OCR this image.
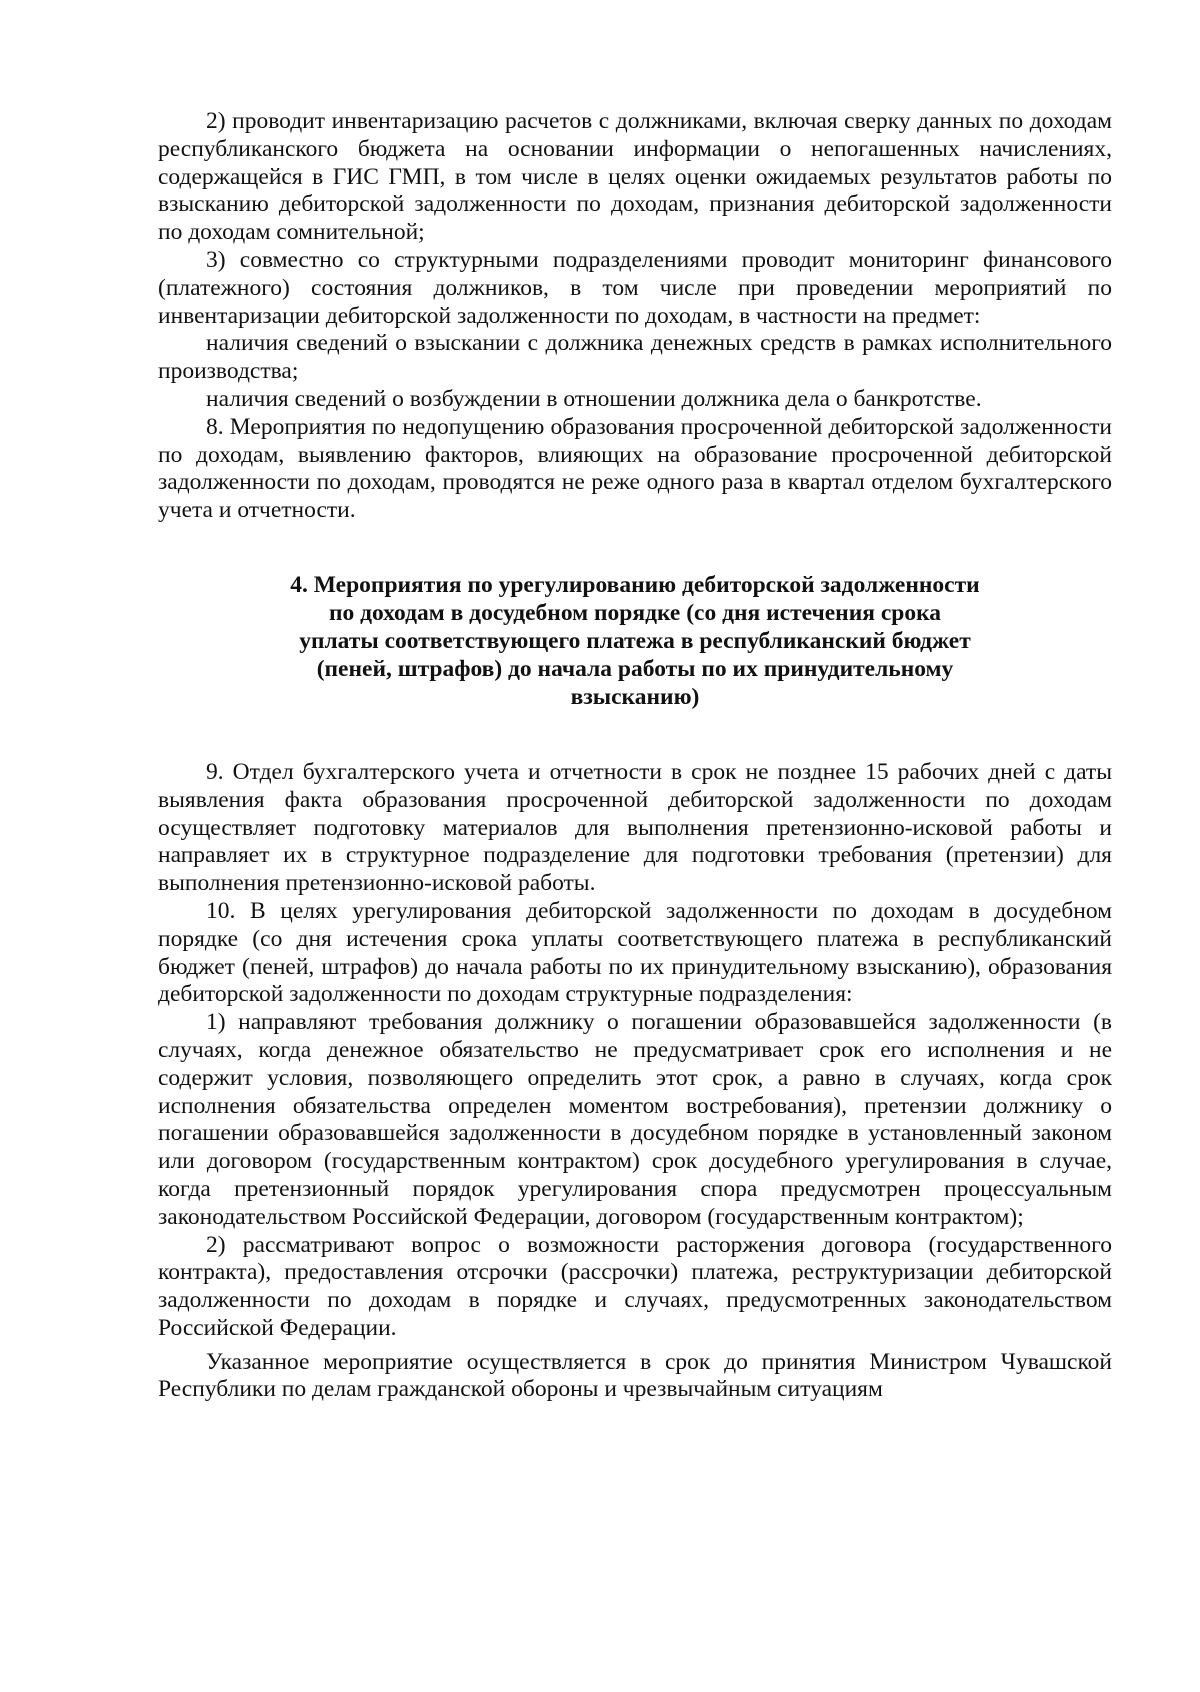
2) проводит инвентаризацию расчетов с должниками, включая сверку данных по доходам республиканского бюджета на основании информации о непогашенных начислениях, содержащейся в ГИС ГМП, в том числе в целях оценки ожидаемых результатов работы по взысканию дебиторской задолженности по доходам, признания дебиторской задолженности по доходам сомнительной;

3) совместно со структурными подразделениями проводит мониторинг финансового (платежного) состояния должников, в том числе при проведении мероприятий по инвентаризации дебиторской задолженности по доходам, в частности на предмет:

наличия сведений о взыскании с должника денежных средств в рамках исполнительного производства;

наличия сведений о возбуждении в отношении должника дела о банкротстве.

8. Мероприятия по недопущению образования просроченной дебиторской задолженности по доходам, выявлению факторов, влияющих на образование просроченной дебиторской задолженности по доходам, проводятся не реже одного раза в квартал отделом бухгалтерского учета и отчетности.

4. Мероприятия по урегулированию дебиторской задолженности
по доходам в досудебном порядке (со дня истечения срока
уплаты соответствующего платежа в республиканский бюджет
(пеней, штрафов) до начала работы по их принудительному
взысканию)

9. Отдел бухгалтерского учета и отчетности в срок не позднее 15 рабочих дней с даты выявления факта образования просроченной дебиторской задолженности по доходам осуществляет подготовку материалов для выполнения претензионно-исковой работы и направляет их в структурное подразделение для подготовки требования (претензии) для выполнения претензионно-исковой работы.

10. В целях урегулирования дебиторской задолженности по доходам в досудебном порядке (со дня истечения срока уплаты соответствующего платежа в республиканский бюджет (пеней, штрафов) до начала работы по их принудительному взысканию), образования дебиторской задолженности по доходам структурные подразделения:

1) направляют требования должнику о погашении образовавшейся задолженности (в случаях, когда денежное обязательство не предусматривает срок его исполнения и не содержит условия, позволяющего определить этот срок, а равно в случаях, когда срок исполнения обязательства определен моментом востребования), претензии должнику о погашении образовавшейся задолженности в досудебном порядке в установленный законом или договором (государственным контрактом) срок досудебного урегулирования в случае, когда претензионный порядок урегулирования спора предусмотрен процессуальным законодательством Российской Федерации, договором (государственным контрактом);

2) рассматривают вопрос о возможности расторжения договора (государственного контракта), предоставления отсрочки (рассрочки) платежа, реструктуризации дебиторской задолженности по доходам в порядке и случаях, предусмотренных законодательством Российской Федерации.

Указанное мероприятие осуществляется в срок до принятия Министром Чувашской Республики по делам гражданской обороны и чрезвычайным ситуациям
